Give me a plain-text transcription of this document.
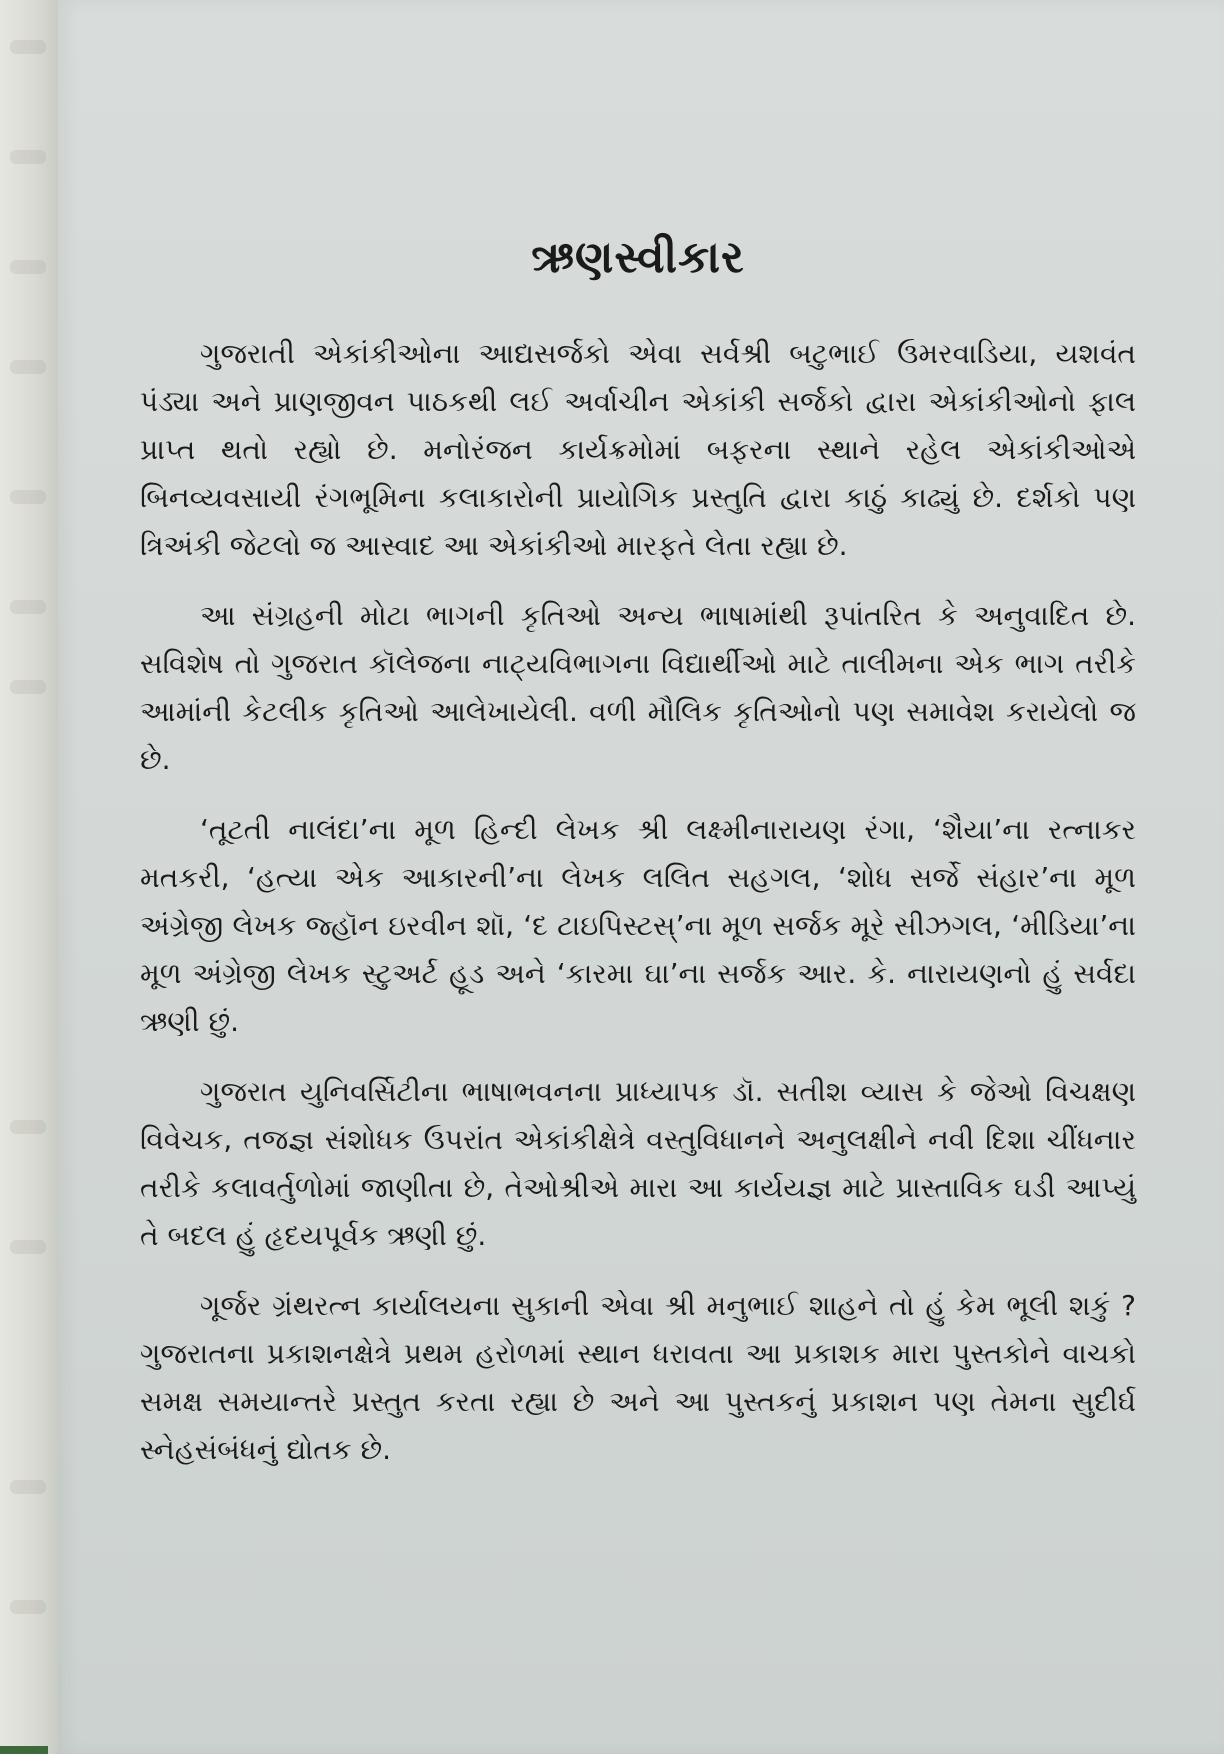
ઋણસ્વીકાર

ગુજરાતી એકાંકીઓના આદ્યસર્જકો એવા સર્વશ્રી બટુભાઈ ઉમરવાડિયા, યશવંત પંડ્યા અને પ્રાણજીવન પાઠકથી લઈ અર્વાચીન એકાંકી સર્જકો દ્વારા એકાંકીઓનો ફાલ પ્રાપ્ત થતો રહ્યો છે. મનોરંજન કાર્યક્રમોમાં બફરના સ્થાને રહેલ એકાંકીઓએ બિનવ્યવસાયી રંગભૂમિના કલાકારોની પ્રાયોગિક પ્રસ્તુતિ દ્વારા કાઠું કાઢ્યું છે. દર્શકો પણ ત્રિઅંકી જેટલો જ આસ્વાદ આ એકાંકીઓ મારફતે લેતા રહ્યા છે.

આ સંગ્રહની મોટા ભાગની કૃતિઓ અન્ય ભાષામાંથી રૂપાંતરિત કે અનુવાદિત છે. સવિશેષ તો ગુજરાત કૉલેજના નાટ્યવિભાગના વિદ્યાર્થીઓ માટે તાલીમના એક ભાગ તરીકે આમાંની કેટલીક કૃતિઓ આલેખાયેલી. વળી મૌલિક કૃતિઓનો પણ સમાવેશ કરાયેલો જ છે.

‘તૂટતી નાલંદા’ના મૂળ હિન્દી લેખક શ્રી લક્ષ્મીનારાયણ રંગા, ‘શૈયા’ના રત્નાકર મતકરી, ‘હત્યા એક આકારની’ના લેખક લલિત સહગલ, ‘શોધ સર્જે સંહાર’ના મૂળ અંગ્રેજી લેખક જ્હૉન ઇરવીન શૉ, ‘દ ટાઇપિસ્ટસ્’ના મૂળ સર્જક મૂરે સીઝગલ, ‘મીડિયા’ના મૂળ અંગ્રેજી લેખક સ્ટુઅર્ટ હૂડ અને ‘કારમા ઘા’ના સર્જક આર. કે. નારાયણનો હું સર્વદા ઋણી છું.

ગુજરાત યુનિવર્સિટીના ભાષાભવનના પ્રાધ્યાપક ડૉ. સતીશ વ્યાસ કે જેઓ વિચક્ષણ વિવેચક, તજજ્ઞ સંશોધક ઉપરાંત એકાંકીક્ષેત્રે વસ્તુવિધાનને અનુલક્ષીને નવી દિશા ચીંધનાર તરીકે કલાવર્તુળોમાં જાણીતા છે, તેઓશ્રીએ મારા આ કાર્યયજ્ઞ માટે પ્રાસ્તાવિક ઘડી આપ્યું તે બદલ હું હૃદયપૂર્વક ઋણી છું.

ગૂર્જર ગ્રંથરત્ન કાર્યાલયના સુકાની એવા શ્રી મનુભાઈ શાહને તો હું કેમ ભૂલી શકું ? ગુજરાતના પ્રકાશનક્ષેત્રે પ્રથમ હરોળમાં સ્થાન ધરાવતા આ પ્રકાશક મારા પુસ્તકોને વાચકો સમક્ષ સમયાન્તરે પ્રસ્તુત કરતા રહ્યા છે અને આ પુસ્તકનું પ્રકાશન પણ તેમના સુદીર્ઘ સ્નેહસંબંધનું દ્યોતક છે.
